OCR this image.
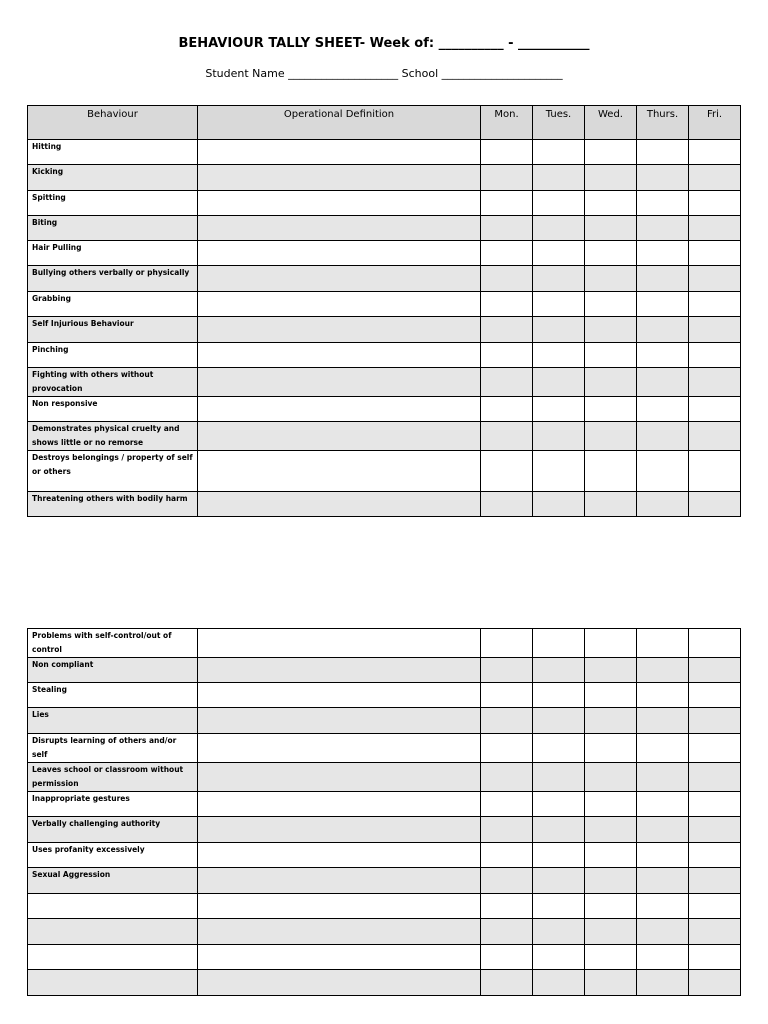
BEHAVIOUR TALLY SHEET- Week of: __________ - ___________
Student Name ____________________ School ______________________
Behaviour	Operational Definition	Mon.	Tues.	Wed.	Thurs.	Fri.
Hitting						
Kicking						
Spitting						
Biting						
Hair Pulling						
Bullying others verbally or physically						
Grabbing						
Self Injurious Behaviour						
Pinching						
Fighting with others without provocation						
Non responsive						
Demonstrates physical cruelty and shows little or no remorse						
Destroys belongings / property of self or others						
Threatening others with bodily harm						
Problems with self-control/out of control						
Non compliant						
Stealing						
Lies						
Disrupts learning of others and/or self						
Leaves school or classroom without permission						
Inappropriate gestures						
Verbally challenging authority						
Uses profanity excessively						
Sexual Aggression						
